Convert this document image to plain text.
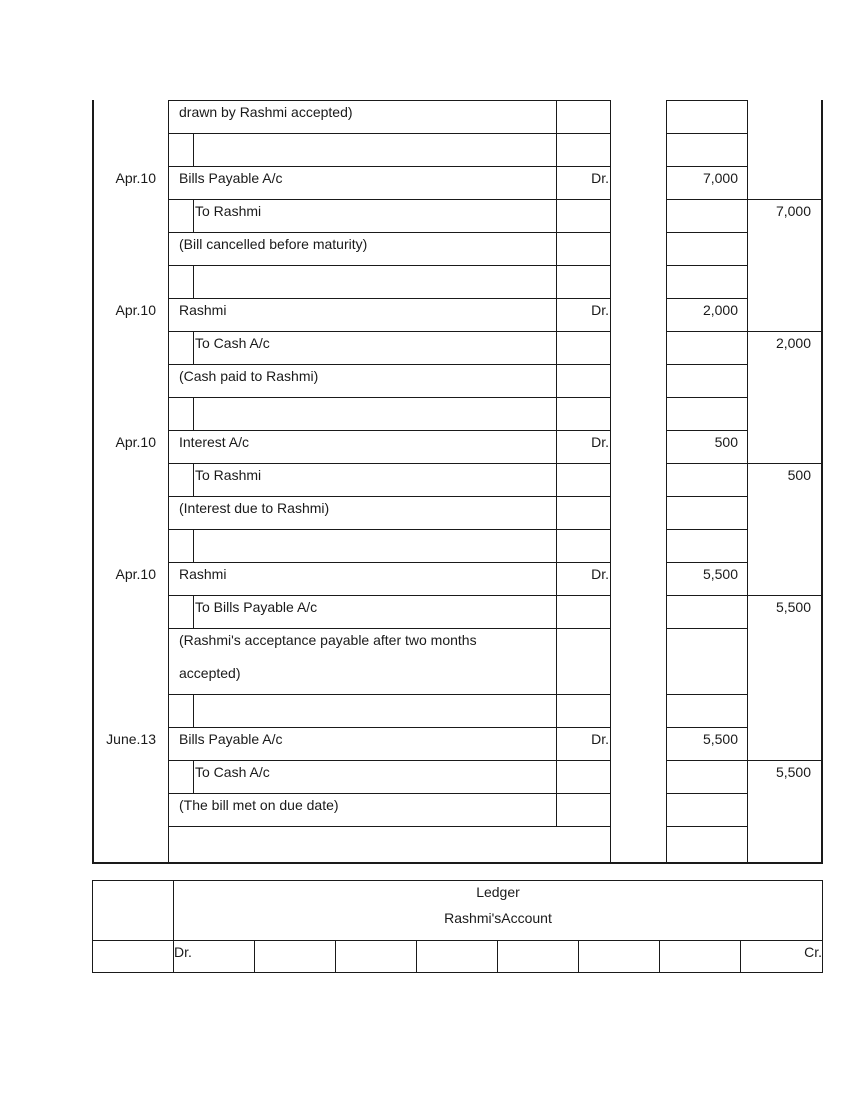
drawn by Rashmi accepted)
Apr.10 Bills Payable A/c	Dr.	7,000
To Rashmi	7,000
(Bill cancelled before maturity)
Apr.10 Rashmi	Dr.	2,000
To Cash A/c	2,000
(Cash paid to Rashmi)
Apr.10 Interest A/c	Dr.	500
To Rashmi	500
(Interest due to Rashmi)
Apr.10 Rashmi	Dr.	5,500
To Bills Payable A/c	5,500
(Rashmi's acceptance payable after two months
accepted)
June.13 Bills Payable A/c	Dr.	5,500
To Cash A/c	5,500
(The bill met on due date)
Ledger
Rashmi'sAccount
Dr.	Cr.
